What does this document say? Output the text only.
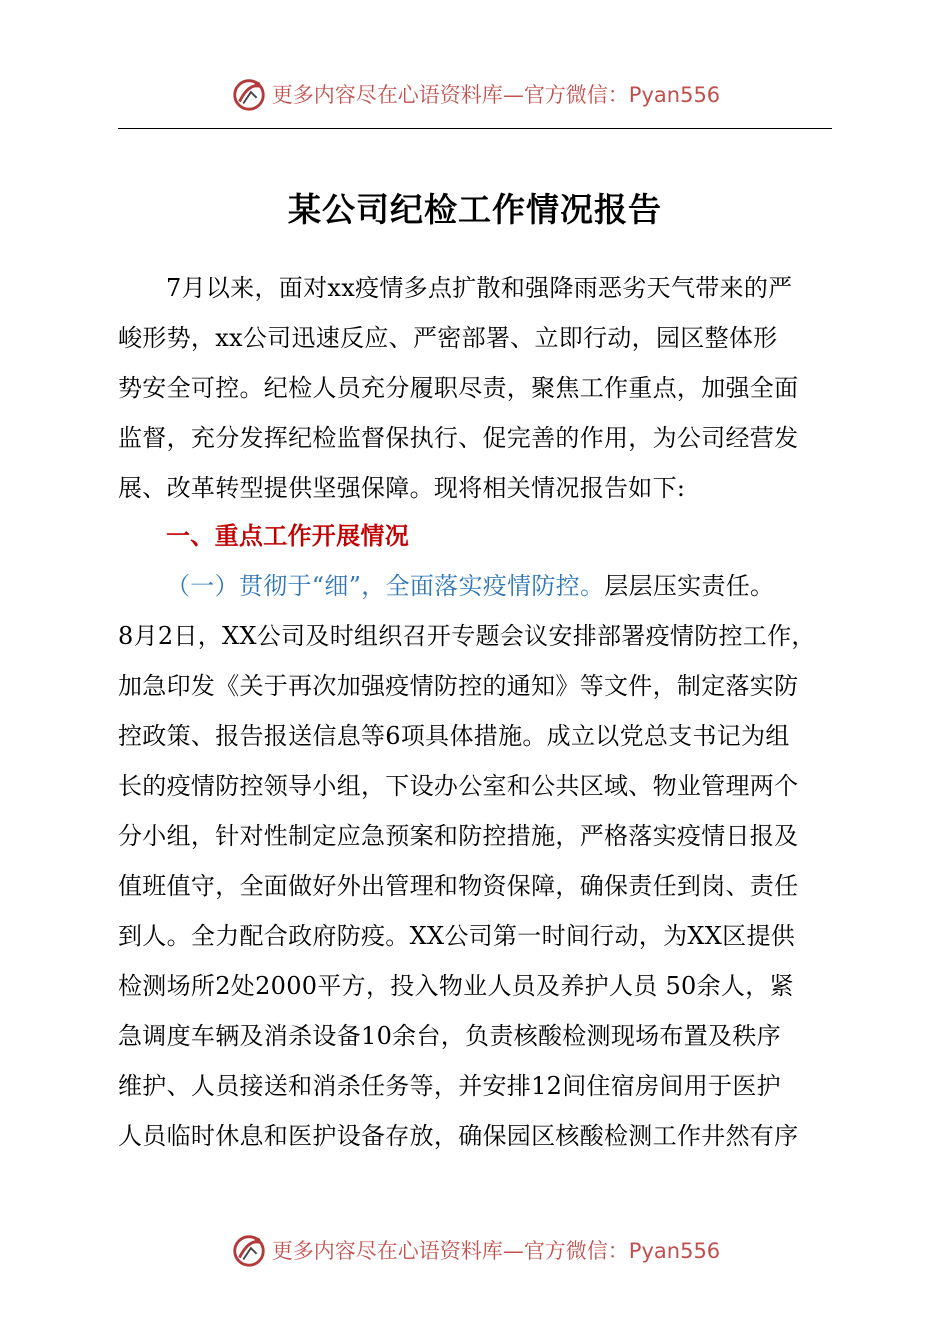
更多内容尽在心语资料库 —官方微信：Pyan556
某公司纪检工作情况报告
7月以来，面对xx疫情多点扩散和强降雨恶劣天气带来的严
峻形势，xx公司迅速反应、严密部署、立即行动，园区整体形
势安全可控。纪检人员充分履职尽责，聚焦工作重点，加强全面
监督，充分发挥纪检监督保执行、促完善的作用，为公司经营发
展、改革转型提供坚强保障。现将相关情况报告如下:
一、重点工作开展情况
（一）贯彻于“细”，全面落实疫情防控。层层压实责任。
8月2日，XX公司及时组织召开专题会议安排部署疫情防控工作，
加急印发《关于再次加强疫情防控的通知》等文件，制定落实防
控政策、报告报送信息等6项具体措施。成立以党总支书记为组
长的疫情防控领导小组，下设办公室和公共区域、物业管理两个
分小组，针对性制定应急预案和防控措施，严格落实疫情日报及
值班值守，全面做好外出管理和物资保障，确保责任到岗、责任
到人。全力配合政府防疫。XX公司第一时间行动，为XX区提供
检测场所2处2000平方，投入物业人员及养护人员 50余人，紧
急调度车辆及消杀设备10余台，负责核酸检测现场布置及秩序
维护、人员接送和消杀任务等，并安排12间住宿房间用于医护
人员临时休息和医护设备存放，确保园区核酸检测工作井然有序
更多内容尽在心语资料库 —官方微信：Pyan556
